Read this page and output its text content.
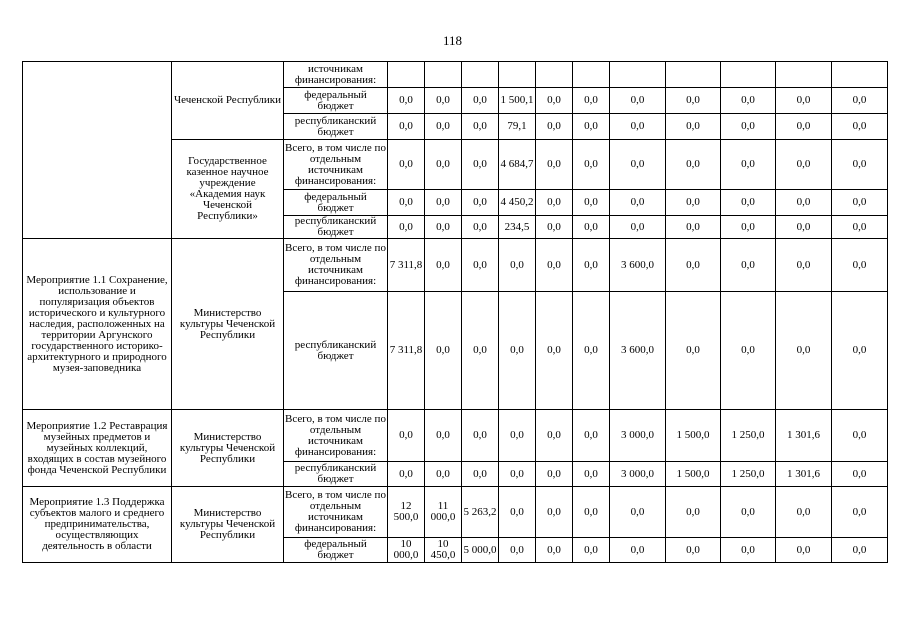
118
	Чеченской Республики	источникам финансирования:											
		федеральный бюджет	0,0	0,0	0,0	1 500,1	0,0	0,0	0,0	0,0	0,0	0,0	0,0
		республиканский бюджет	0,0	0,0	0,0	79,1	0,0	0,0	0,0	0,0	0,0	0,0	0,0
	Государственное казенное научное учреждение «Академия наук Чеченской Республики»	Всего, в том числе по отдельным источникам финансирования:	0,0	0,0	0,0	4 684,7	0,0	0,0	0,0	0,0	0,0	0,0	0,0
		федеральный бюджет	0,0	0,0	0,0	4 450,2	0,0	0,0	0,0	0,0	0,0	0,0	0,0
		республиканский бюджет	0,0	0,0	0,0	234,5	0,0	0,0	0,0	0,0	0,0	0,0	0,0
Мероприятие 1.1 Сохранение, использование и популяризация объектов исторического и культурного наследия, расположенных на территории Аргунского государственного историко-архитектурного и природного музея-заповедника	Министерство культуры Чеченской Республики	Всего, в том числе по отдельным источникам финансирования:	7 311,8	0,0	0,0	0,0	0,0	0,0	3 600,0	0,0	0,0	0,0	0,0
		республиканский бюджет	7 311,8	0,0	0,0	0,0	0,0	0,0	3 600,0	0,0	0,0	0,0	0,0
Мероприятие 1.2 Реставрация музейных предметов и музейных коллекций, входящих в состав музейного фонда Чеченской Республики	Министерство культуры Чеченской Республики	Всего, в том числе по отдельным источникам финансирования:	0,0	0,0	0,0	0,0	0,0	0,0	3 000,0	1 500,0	1 250,0	1 301,6	0,0
		республиканский бюджет	0,0	0,0	0,0	0,0	0,0	0,0	3 000,0	1 500,0	1 250,0	1 301,6	0,0
Мероприятие 1.3 Поддержка субъектов малого и среднего предпринимательства, осуществляющих деятельность в области	Министерство культуры Чеченской Республики	Всего, в том числе по отдельным источникам финансирования:	12 500,0	11 000,0	5 263,2	0,0	0,0	0,0	0,0	0,0	0,0	0,0	0,0
		федеральный бюджет	10 000,0	10 450,0	5 000,0	0,0	0,0	0,0	0,0	0,0	0,0	0,0	0,0
